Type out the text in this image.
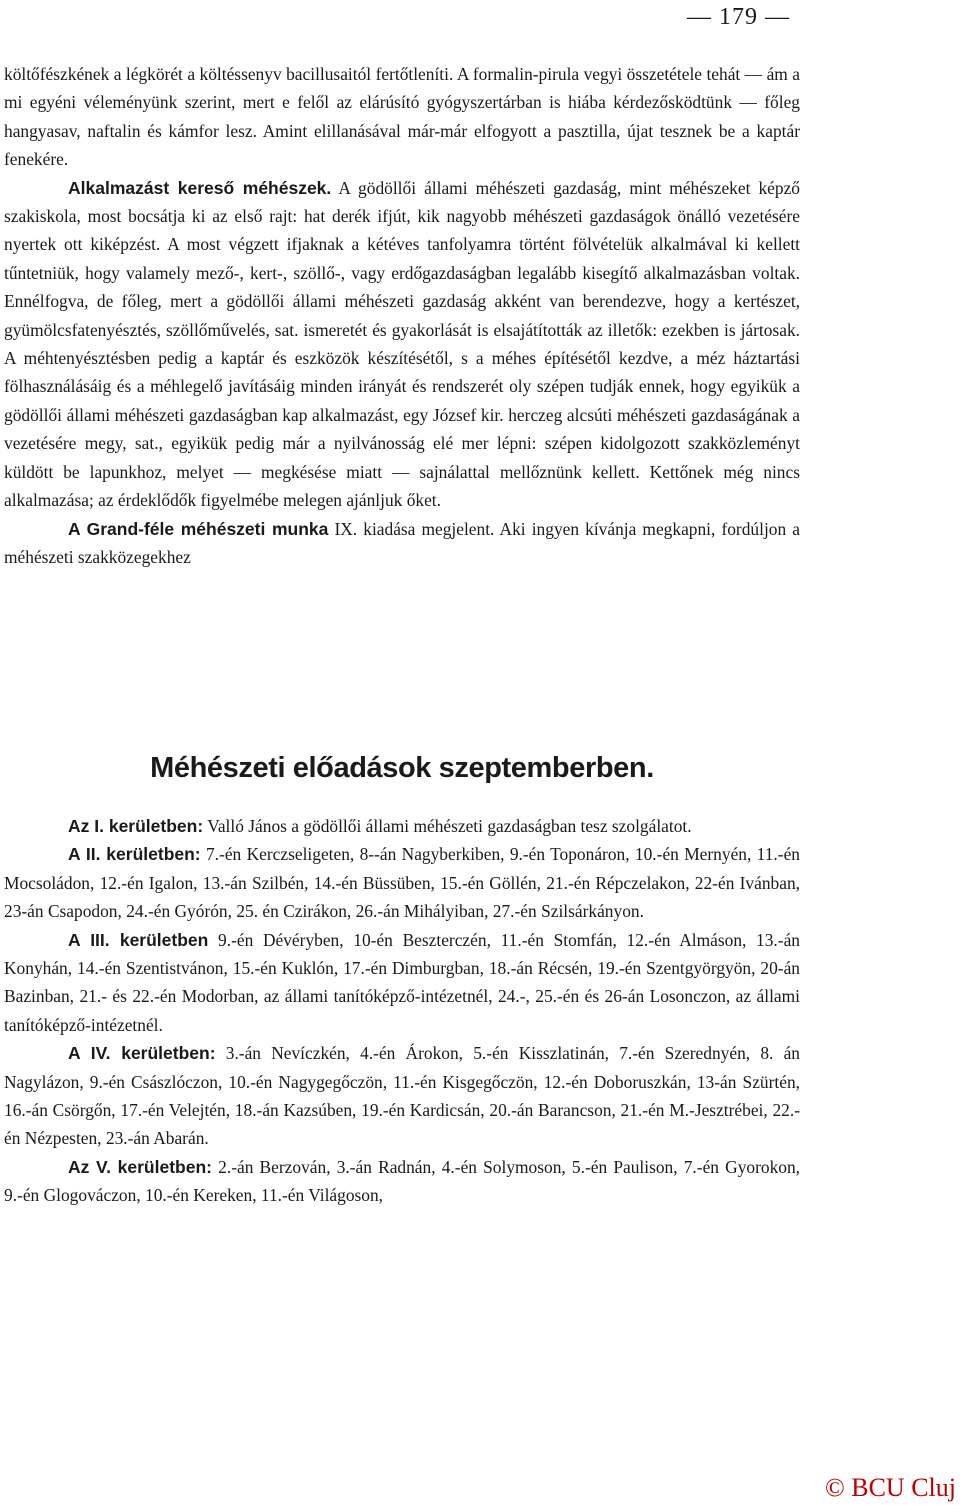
— 179 —

költőfészkének a légkörét a költéssenyv bacillusaitól fertőtleníti. A formalin-pirula vegyi összetétele tehát — ám a mi egyéni véleményünk szerint, mert e felől az elárúsító gyógyszertárban is hiába kérdezősködtünk — főleg hangyasav, naftalin és kámfor lesz. Amint elillanásával már-már elfogyott a pasztilla, újat tesznek be a kaptár fenekére.

Alkalmazást kereső méhészek. A gödöllői állami méhészeti gazdaság, mint méhészeket képző szakiskola, most bocsátja ki az első rajt: hat derék ifjút, kik nagyobb méhészeti gazdaságok önálló vezetésére nyertek ott kiképzést. A most végzett ifjaknak a kétéves tanfolyamra történt fölvételük alkalmával ki kellett tűntetniük, hogy valamely mező-, kert-, szöllő-, vagy erdőgazdaságban legalább kisegítő alkalmazásban voltak. Ennélfogva, de főleg, mert a gödöllői állami méhészeti gazdaság akként van berendezve, hogy a kertészet, gyümölcsfatenyésztés, szöllőművelés, sat. ismeretét és gyakorlását is elsajátították az illetők: ezekben is jártosak. A méhtenyésztésben pedig a kaptár és eszközök készítésétől, s a méhes építésétől kezdve, a méz háztartási fölhasználásáig és a méhlegelő javításáig minden irányát és rendszerét oly szépen tudják ennek, hogy egyikük a gödöllői állami méhészeti gazdaságban kap alkalmazást, egy József kir. herczeg alcsúti méhészeti gazdaságának a vezetésére megy, sat., egyikük pedig már a nyilvánosság elé mer lépni: szépen kidolgozott szakközleményt küldött be lapunkhoz, melyet — megkésése miatt — sajnálattal mellőznünk kellett. Kettőnek még nincs alkalmazása; az érdeklődők figyelmébe melegen ajánljuk őket.

A Grand-féle méhészeti munka IX. kiadása megjelent. Aki ingyen kívánja megkapni, fordúljon a méhészeti szakközegekhez

Méhészeti előadások szeptemberben.

Az I. kerületben: Valló János a gödöllői állami méhészeti gazdaságban tesz szolgálatot.

A II. kerületben: 7.-én Kerczseligeten, 8--án Nagyberkiben, 9.-én Toponáron, 10.-én Mernyén, 11.-én Mocsoládon, 12.-én Igalon, 13.-án Szilbén, 14.-én Büssüben, 15.-én Göllén, 21.-én Répczelakon, 22-én Ivánban, 23-án Csapodon, 24.-én Gyórón, 25. én Czirákon, 26.-án Mihályiban, 27.-én Szilsárkányon.

A III. kerületben 9.-én Dévéryben, 10-én Beszterczén, 11.-én Stomfán, 12.-én Almáson, 13.-án Konyhán, 14.-én Szentistvánon, 15.-én Kuklón, 17.-én Dimburgban, 18.-án Récsén, 19.-én Szentgyörgyön, 20-án Bazinban, 21.- és 22.-én Modorban, az állami tanítóképző-intézetnél, 24.-, 25.-én és 26-án Losonczon, az állami tanítóképző-intézetnél.

A IV. kerületben: 3.-án Nevíczkén, 4.-én Árokon, 5.-én Kisszlatinán, 7.-én Szerednyén, 8. án Nagylázon, 9.-én Császlóczon, 10.-én Nagygegőczön, 11.-én Kisgegőczön, 12.-én Doboruszkán, 13-án Szürtén, 16.-án Csörgőn, 17.-én Velejtén, 18.-án Kazsúben, 19.-én Kardicsán, 20.-án Barancson, 21.-én M.-Jesztrébei, 22.-én Nézpesten, 23.-án Abarán.

Az V. kerületben: 2.-án Berzován, 3.-án Radnán, 4.-én Solymoson, 5.-én Paulison, 7.-én Gyorokon, 9.-én Glogováczon, 10.-én Kereken, 11.-én Világoson,

© BCU Cluj
